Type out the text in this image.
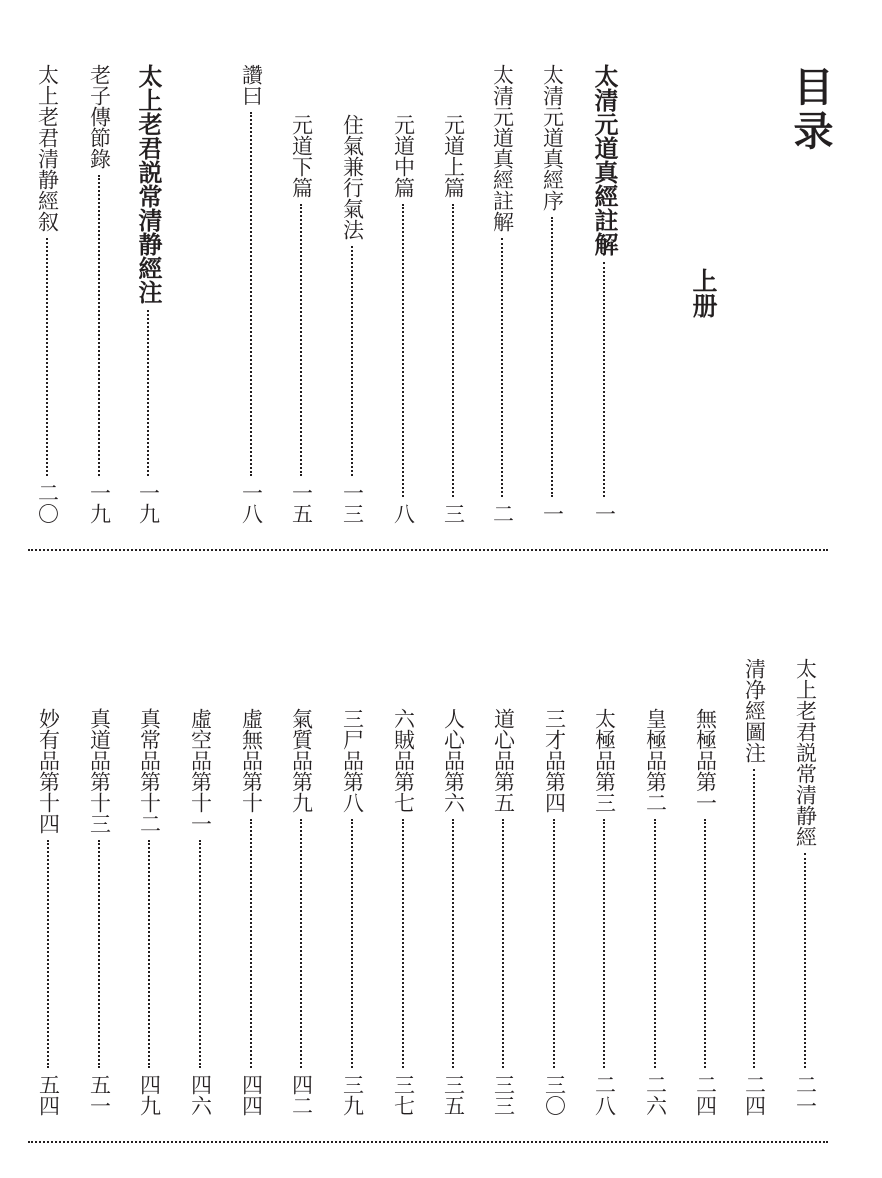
目录
上册
太清元道真經註解
一
太清元道真經序
一
太清元道真經註解
二
元道上篇
三
元道中篇
八
住氣兼行氣法
一三
元道下篇
一五
讚曰
一八
太上老君説常清静經注
一九
老子傳節錄
一九
太上老君清静經叙
二〇
太上老君説常清静經
二一
清净經圖注
二四
無極品第一
二四
皇極品第二
二六
太極品第三
二八
三才品第四
三〇
道心品第五
三三
人心品第六
三五
六賊品第七
三七
三尸品第八
三九
氣質品第九
四二
虛無品第十
四四
虛空品第十一
四六
真常品第十二
四九
真道品第十三
五一
妙有品第十四
五四
